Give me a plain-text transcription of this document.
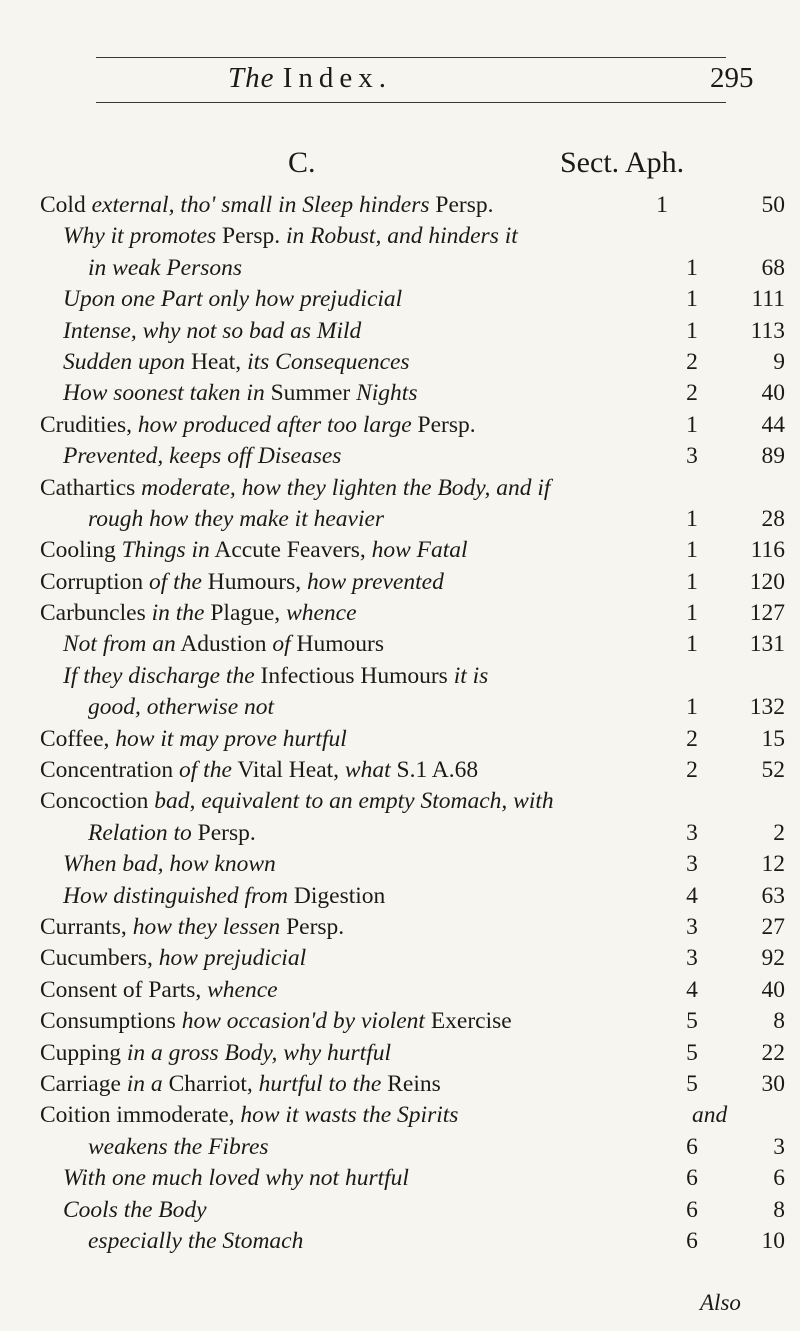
The Index.	295
C.	Sect. Aph.
Cold external, tho' small in Sleep hinders Persp.	1	50
Why it promotes Persp. in Robust, and hinders it
in weak Persons	1	68
Upon one Part only how prejudicial	1	111
Intense, why not so bad as Mild	1	113
Sudden upon Heat, its Consequences	2	9
How soonest taken in Summer Nights	2	40
Crudities, how produced after too large Persp.	1	44
Prevented, keeps off Diseases	3	89
Cathartics moderate, how they lighten the Body, and if
rough how they make it heavier	1	28
Cooling Things in Accute Feavers, how Fatal	1	116
Corruption of the Humours, how prevented	1	120
Carbuncles in the Plague, whence	1	127
Not from an Adustion of Humours	1	131
If they discharge the Infectious Humours it is
good, otherwise not	1	132
Coffee, how it may prove hurtful	2	15
Concentration of the Vital Heat, what S.1 A.68	2	52
Concoction bad, equivalent to an empty Stomach, with
Relation to Persp.	3	2
When bad, how known	3	12
How distinguished from Digestion	4	63
Currants, how they lessen Persp.	3	27
Cucumbers, how prejudicial	3	92
Consent of Parts, whence	4	40
Consumptions how occasion'd by violent Exercise	5	8
Cupping in a gross Body, why hurtful	5	22
Carriage in a Charriot, hurtful to the Reins	5	30
Coition immoderate, how it wasts the Spirits	and
weakens the Fibres	6	3
With one much loved why not hurtful	6	6
Cools the Body	6	8
especially the Stomach	6	10
Also
